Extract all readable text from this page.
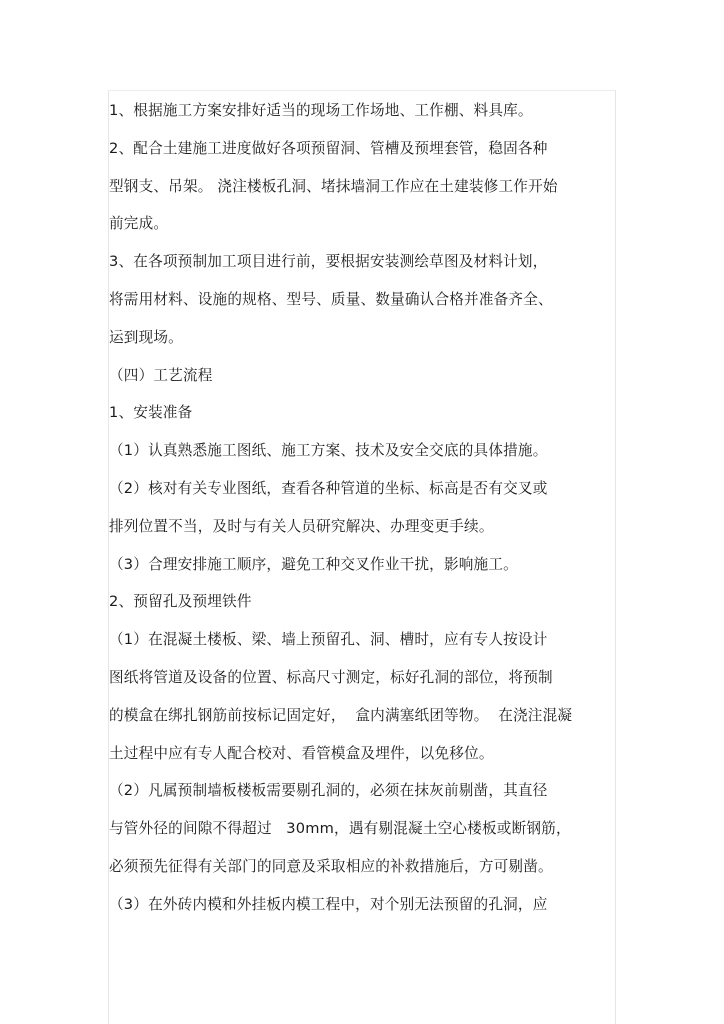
1、根据施工方案安排好适当的现场工作场地、工作棚、料具库。
2、配合土建施工进度做好各项预留洞、管槽及预埋套管，稳固各种
型钢支、吊架。 浇注楼板孔洞、堵抹墙洞工作应在土建装修工作开始
前完成。
3、在各项预制加工项目进行前，要根据安装测绘草图及材料计划，
将需用材料、设施的规格、型号、质量、数量确认合格并准备齐全、
运到现场。
（四）工艺流程
1、安装准备
（1）认真熟悉施工图纸、施工方案、技术及安全交底的具体措施。
（2）核对有关专业图纸，查看各种管道的坐标、标高是否有交叉或
排列位置不当，及时与有关人员研究解决、办理变更手续。
（3）合理安排施工顺序，避免工种交叉作业干扰，影响施工。
2、预留孔及预埋铁件
（1）在混凝土楼板、梁、墙上预留孔、洞、槽时，应有专人按设计
图纸将管道及设备的位置、标高尺寸测定，标好孔洞的部位，将预制
的模盒在绑扎钢筋前按标记固定好，  盒内满塞纸团等物。  在浇注混凝
土过程中应有专人配合校对、看管模盒及埋件，以免移位。
（2）凡属预制墙板楼板需要剔孔洞的，必须在抹灰前剔凿，其直径
与管外径的间隙不得超过   30mm，遇有剔混凝土空心楼板或断钢筋，
必须预先征得有关部门的同意及采取相应的补救措施后，方可剔凿。
（3）在外砖内模和外挂板内模工程中，对个别无法预留的孔洞，应
